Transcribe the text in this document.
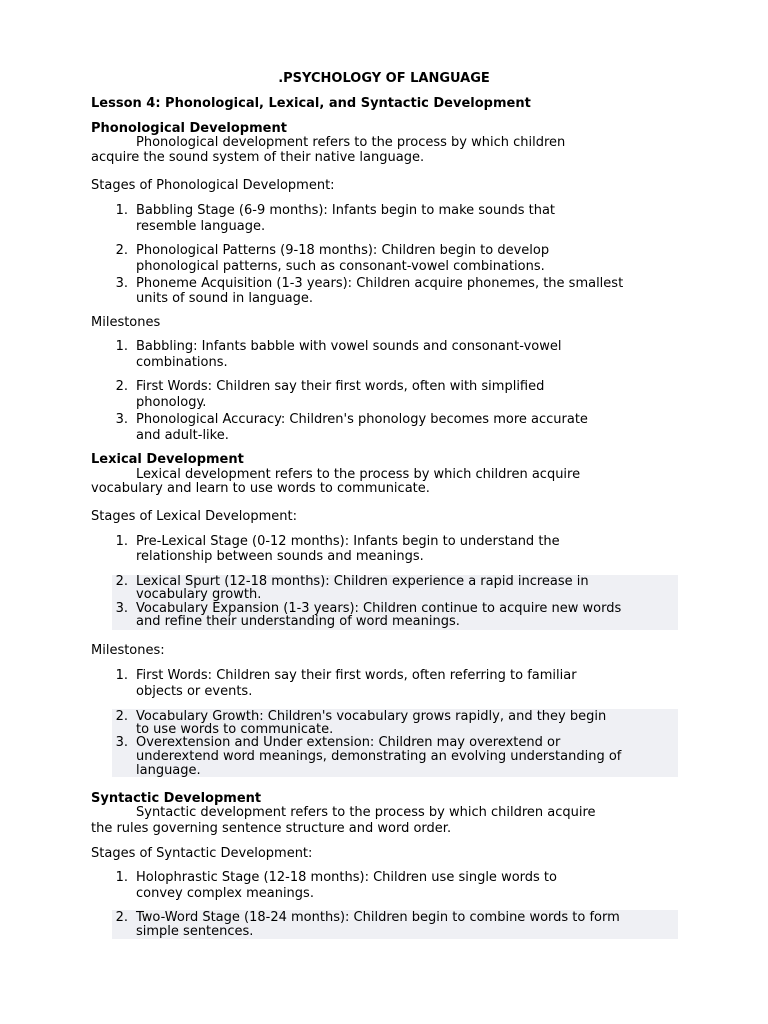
.PSYCHOLOGY OF LANGUAGE
Lesson 4: Phonological, Lexical, and Syntactic Development
Phonological Development
Phonological development refers to the process by which children
acquire the sound system of their native language.
Stages of Phonological Development:
1. Babbling Stage (6-9 months): Infants begin to make sounds that
resemble language.
2. Phonological Patterns (9-18 months): Children begin to develop
phonological patterns, such as consonant-vowel combinations.
3. Phoneme Acquisition (1-3 years): Children acquire phonemes, the smallest
units of sound in language.
Milestones
1. Babbling: Infants babble with vowel sounds and consonant-vowel
combinations.
2. First Words: Children say their first words, often with simplified
phonology.
3. Phonological Accuracy: Children's phonology becomes more accurate
and adult-like.
Lexical Development
Lexical development refers to the process by which children acquire
vocabulary and learn to use words to communicate.
Stages of Lexical Development:
1. Pre-Lexical Stage (0-12 months): Infants begin to understand the
relationship between sounds and meanings.
2. Lexical Spurt (12-18 months): Children experience a rapid increase in
vocabulary growth.
3. Vocabulary Expansion (1-3 years): Children continue to acquire new words
and refine their understanding of word meanings.
Milestones:
1. First Words: Children say their first words, often referring to familiar
objects or events.
2. Vocabulary Growth: Children's vocabulary grows rapidly, and they begin
to use words to communicate.
3. Overextension and Under extension: Children may overextend or
underextend word meanings, demonstrating an evolving understanding of
language.
Syntactic Development
Syntactic development refers to the process by which children acquire
the rules governing sentence structure and word order.
Stages of Syntactic Development:
1. Holophrastic Stage (12-18 months): Children use single words to
convey complex meanings.
2. Two-Word Stage (18-24 months): Children begin to combine words to form
simple sentences.
